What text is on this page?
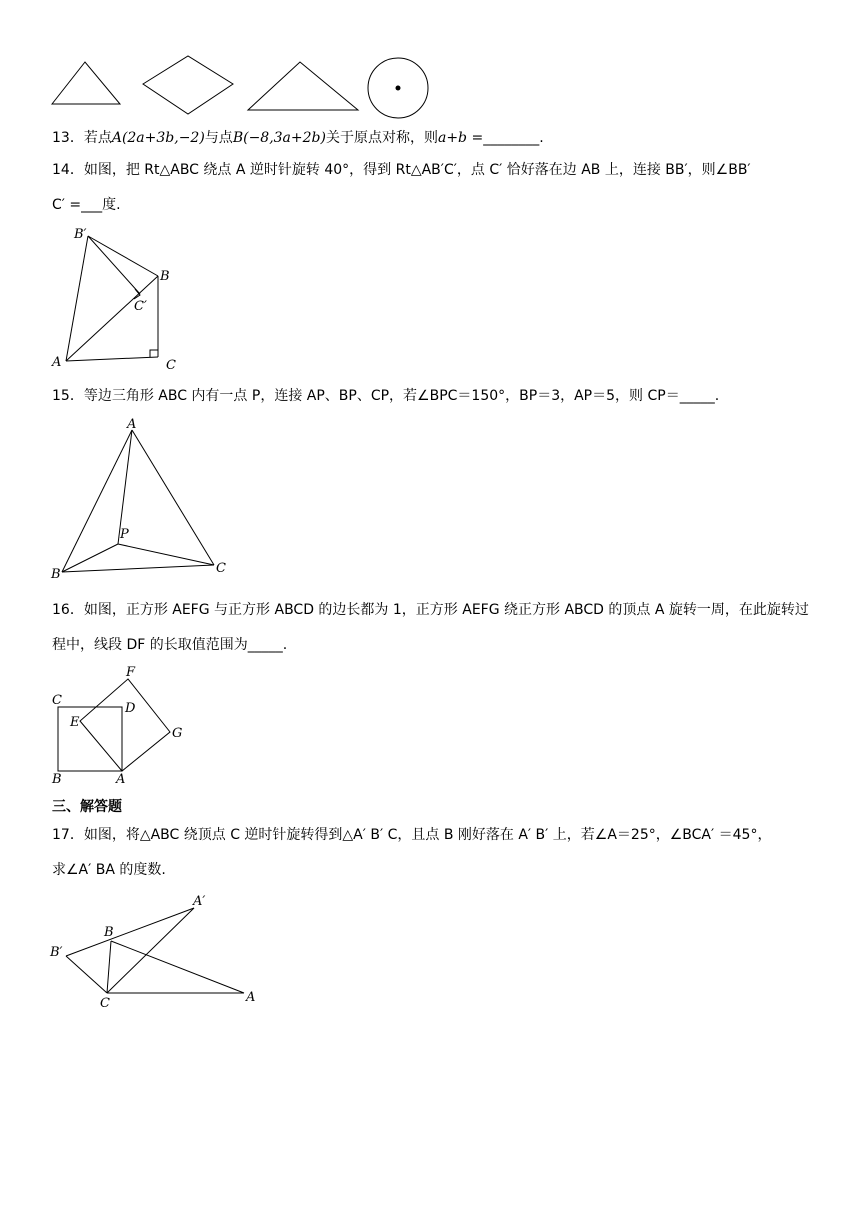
13．若点A(2a+3b,−2)与点B(−8,3a+2b)关于原点对称，则a+b =________.
14．如图，把 Rt△ABC 绕点 A 逆时针旋转 40°，得到 Rt△AB′C′，点 C′ 恰好落在边 AB 上，连接 BB′，则∠BB′
C′ =___度.
B′
B
C′
A	C
15．等边三角形 ABC 内有一点 P，连接 AP、BP、CP，若∠BPC＝150°，BP＝3，AP＝5，则 CP＝_____.
A
P
B	C
16．如图，正方形 AEFG 与正方形 ABCD 的边长都为 1，正方形 AEFG 绕正方形 ABCD 的顶点 A 旋转一周，在此旋转过
程中，线段 DF 的长取值范围为_____.
F
C
D
E
G
B	A
三、解答题
17．如图，将△ABC 绕顶点 C 逆时针旋转得到△A′ B′ C，且点 B 刚好落在 A′ B′ 上，若∠A＝25°，∠BCA′ ＝45°，
求∠A′ BA 的度数.
A′
B
B′
C	A
